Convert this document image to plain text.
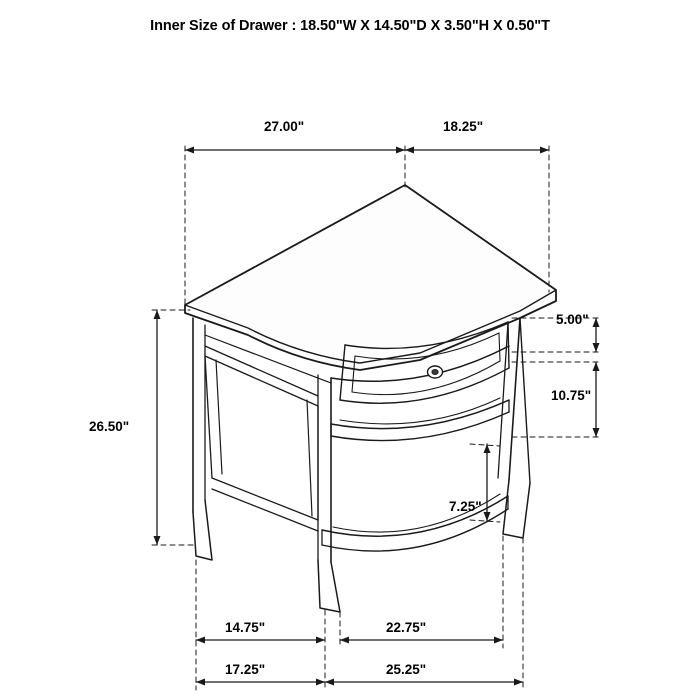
Inner Size of Drawer : 18.50"W X 14.50"D X 3.50"H X 0.50"T
27.00"	18.25"
5.00"
10.75"
26.50"
7.25"
14.75"	22.75"
17.25"	25.25"
